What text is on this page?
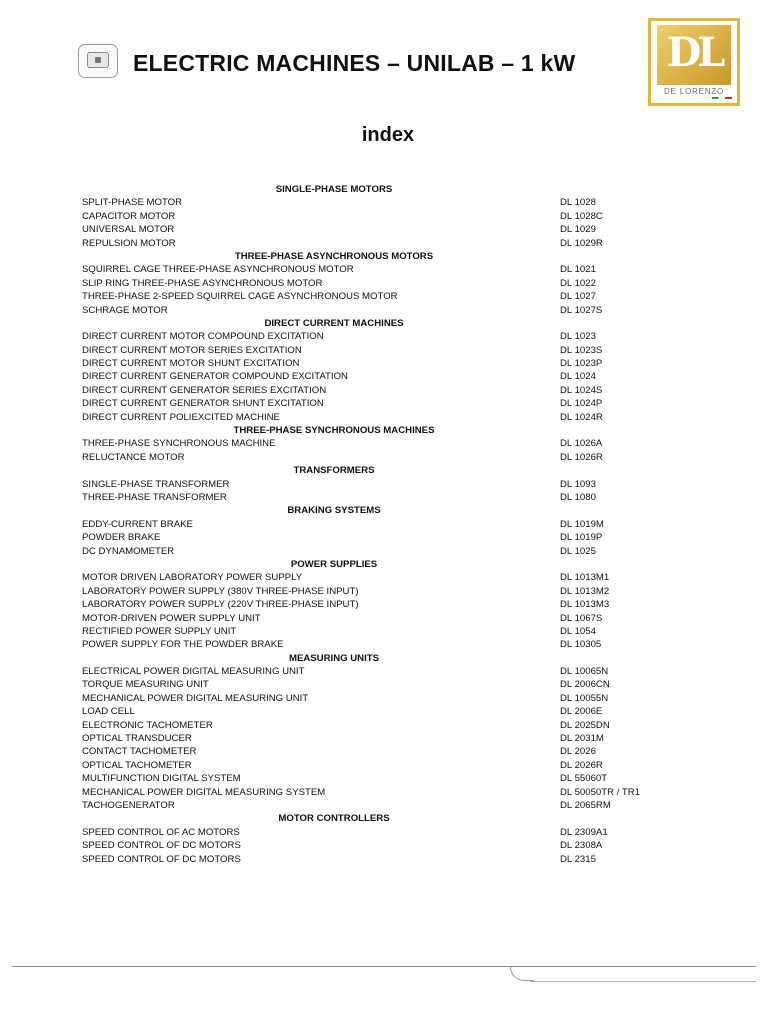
ELECTRIC MACHINES – UNILAB – 1 kW DL
DE LORENZO
index
SINGLE-PHASE MOTORS
SPLIT-PHASE MOTOR	DL 1028
CAPACITOR MOTOR	DL 1028C
UNIVERSAL MOTOR	DL 1029
REPULSION MOTOR	DL 1029R
THREE-PHASE ASYNCHRONOUS MOTORS
SQUIRREL CAGE THREE-PHASE ASYNCHRONOUS MOTOR	DL 1021
SLIP RING THREE-PHASE ASYNCHRONOUS MOTOR	DL 1022
THREE-PHASE 2-SPEED SQUIRREL CAGE ASYNCHRONOUS MOTOR	DL 1027
SCHRAGE MOTOR	DL 1027S
DIRECT CURRENT MACHINES
DIRECT CURRENT MOTOR COMPOUND EXCITATION	DL 1023
DIRECT CURRENT MOTOR SERIES EXCITATION	DL 1023S
DIRECT CURRENT MOTOR SHUNT EXCITATION	DL 1023P
DIRECT CURRENT GENERATOR COMPOUND EXCITATION	DL 1024
DIRECT CURRENT GENERATOR SERIES EXCITATION	DL 1024S
DIRECT CURRENT GENERATOR SHUNT EXCITATION	DL 1024P
DIRECT CURRENT POLIEXCITED MACHINE	DL 1024R
THREE-PHASE SYNCHRONOUS MACHINES
THREE-PHASE SYNCHRONOUS MACHINE	DL 1026A
RELUCTANCE MOTOR	DL 1026R
TRANSFORMERS
SINGLE-PHASE TRANSFORMER	DL 1093
THREE-PHASE TRANSFORMER	DL 1080
BRAKING SYSTEMS
EDDY-CURRENT BRAKE	DL 1019M
POWDER BRAKE	DL 1019P
DC DYNAMOMETER	DL 1025
POWER SUPPLIES
MOTOR DRIVEN LABORATORY POWER SUPPLY	DL 1013M1
LABORATORY POWER SUPPLY (380V THREE-PHASE INPUT)	DL 1013M2
LABORATORY POWER SUPPLY (220V THREE-PHASE INPUT)	DL 1013M3
MOTOR-DRIVEN POWER SUPPLY UNIT	DL 1067S
RECTIFIED POWER SUPPLY UNIT	DL 1054
POWER SUPPLY FOR THE POWDER BRAKE	DL 10305
MEASURING UNITS
ELECTRICAL POWER DIGITAL MEASURING UNIT	DL 10065N
TORQUE MEASURING UNIT	DL 2006CN
MECHANICAL POWER DIGITAL MEASURING UNIT	DL 10055N
LOAD CELL	DL 2006E
ELECTRONIC TACHOMETER	DL 2025DN
OPTICAL TRANSDUCER	DL 2031M
CONTACT TACHOMETER	DL 2026
OPTICAL TACHOMETER	DL 2026R
MULTIFUNCTION DIGITAL SYSTEM	DL 55060T
MECHANICAL POWER DIGITAL MEASURING SYSTEM	DL 50050TR / TR1
TACHOGENERATOR	DL 2065RM
MOTOR CONTROLLERS
SPEED CONTROL OF AC MOTORS	DL 2309A1
SPEED CONTROL OF DC MOTORS	DL 2308A
SPEED CONTROL OF DC MOTORS	DL 2315
